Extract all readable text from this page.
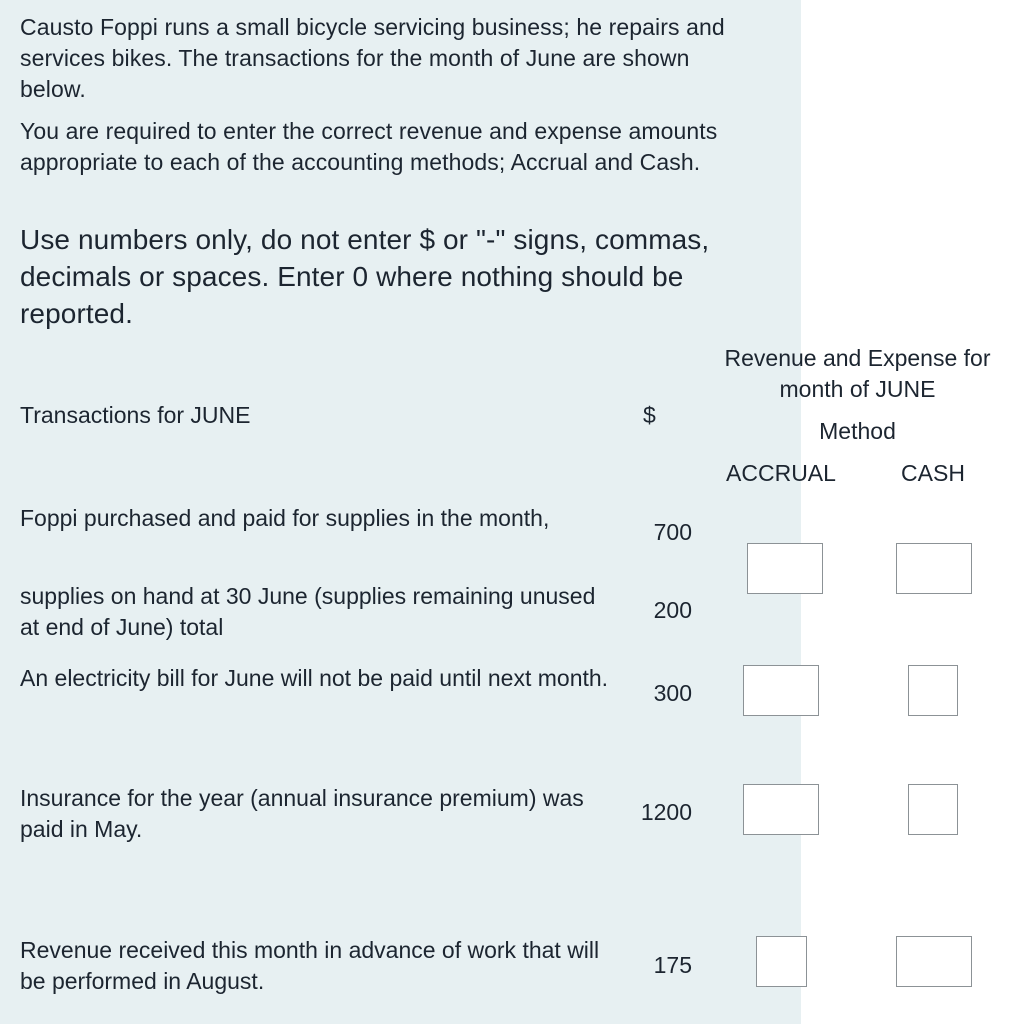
Causto Foppi runs a small bicycle servicing business; he repairs and services bikes. The transactions for the month of June are shown below.
You are required to enter the correct revenue and expense amounts appropriate to each of the accounting methods; Accrual and Cash.
Use numbers only, do not enter $ or "-" signs, commas, decimals or spaces. Enter 0 where nothing should be reported.
Revenue and Expense for month of JUNE
Transactions for JUNE	$
Method
ACCRUAL	CASH
Foppi purchased and paid for supplies in the month,
700
supplies on hand at 30 June (supplies remaining unused at end of June) total
200
An electricity bill for June will not be paid until next month.
300
Insurance for the year (annual insurance premium) was paid in May.
1200
Revenue received this month in advance of work that will be performed in August.
175
